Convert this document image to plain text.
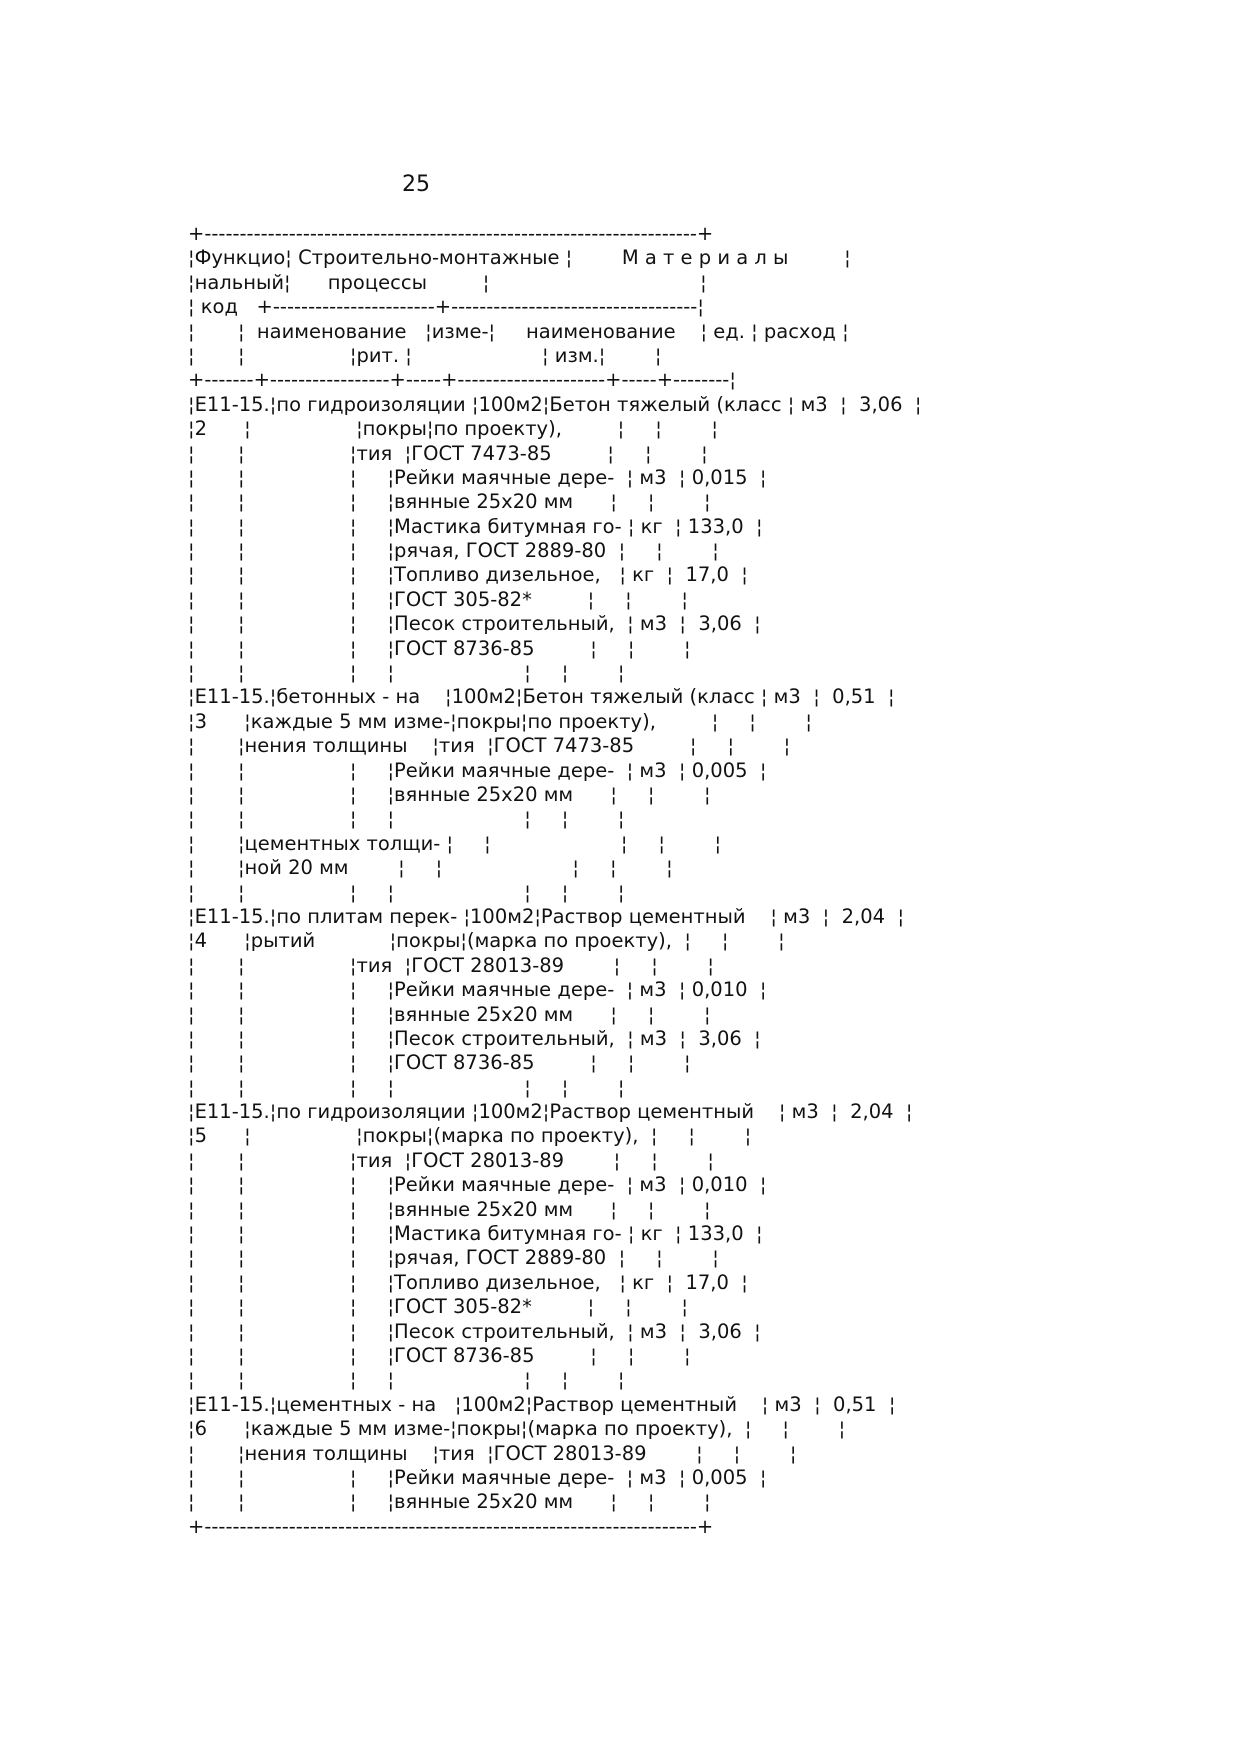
25
+----------------------------------------------------------------------+
¦Функцио¦ Строительно-монтажные ¦        М а т е р и а л ы         ¦
¦нальный¦      процессы         ¦                                  ¦
¦ код   +-----------------------+-----------------------------------¦
¦       ¦  наименование   ¦изме-¦     наименование    ¦ ед. ¦ расход ¦
¦       ¦                 ¦рит. ¦                     ¦ изм.¦        ¦
+-------+-----------------+-----+---------------------+-----+--------¦
¦Е11-15.¦по гидроизоляции ¦100м2¦Бетон тяжелый (класс ¦ м3  ¦  3,06  ¦
¦2      ¦                 ¦покры¦по проекту),         ¦     ¦        ¦
¦       ¦                 ¦тия  ¦ГОСТ 7473-85         ¦     ¦        ¦
¦       ¦                 ¦     ¦Рейки маячные дере-  ¦ м3  ¦ 0,015  ¦
¦       ¦                 ¦     ¦вянные 25х20 мм      ¦     ¦        ¦
¦       ¦                 ¦     ¦Мастика битумная го- ¦ кг  ¦ 133,0  ¦
¦       ¦                 ¦     ¦рячая, ГОСТ 2889-80  ¦     ¦        ¦
¦       ¦                 ¦     ¦Топливо дизельное,   ¦ кг  ¦  17,0  ¦
¦       ¦                 ¦     ¦ГОСТ 305-82*         ¦     ¦        ¦
¦       ¦                 ¦     ¦Песок строительный,  ¦ м3  ¦  3,06  ¦
¦       ¦                 ¦     ¦ГОСТ 8736-85         ¦     ¦        ¦
¦       ¦                 ¦     ¦                     ¦     ¦        ¦
¦Е11-15.¦бетонных - на    ¦100м2¦Бетон тяжелый (класс ¦ м3  ¦  0,51  ¦
¦3      ¦каждые 5 мм изме-¦покры¦по проекту),         ¦     ¦        ¦
¦       ¦нения толщины    ¦тия  ¦ГОСТ 7473-85         ¦     ¦        ¦
¦       ¦                 ¦     ¦Рейки маячные дере-  ¦ м3  ¦ 0,005  ¦
¦       ¦                 ¦     ¦вянные 25х20 мм      ¦     ¦        ¦
¦       ¦                 ¦     ¦                     ¦     ¦        ¦
¦       ¦цементных толщи- ¦     ¦                     ¦     ¦        ¦
¦       ¦ной 20 мм        ¦     ¦                     ¦     ¦        ¦
¦       ¦                 ¦     ¦                     ¦     ¦        ¦
¦Е11-15.¦по плитам перек- ¦100м2¦Раствор цементный    ¦ м3  ¦  2,04  ¦
¦4      ¦рытий            ¦покры¦(марка по проекту),  ¦     ¦        ¦
¦       ¦                 ¦тия  ¦ГОСТ 28013-89        ¦     ¦        ¦
¦       ¦                 ¦     ¦Рейки маячные дере-  ¦ м3  ¦ 0,010  ¦
¦       ¦                 ¦     ¦вянные 25х20 мм      ¦     ¦        ¦
¦       ¦                 ¦     ¦Песок строительный,  ¦ м3  ¦  3,06  ¦
¦       ¦                 ¦     ¦ГОСТ 8736-85         ¦     ¦        ¦
¦       ¦                 ¦     ¦                     ¦     ¦        ¦
¦Е11-15.¦по гидроизоляции ¦100м2¦Раствор цементный    ¦ м3  ¦  2,04  ¦
¦5      ¦                 ¦покры¦(марка по проекту),  ¦     ¦        ¦
¦       ¦                 ¦тия  ¦ГОСТ 28013-89        ¦     ¦        ¦
¦       ¦                 ¦     ¦Рейки маячные дере-  ¦ м3  ¦ 0,010  ¦
¦       ¦                 ¦     ¦вянные 25х20 мм      ¦     ¦        ¦
¦       ¦                 ¦     ¦Мастика битумная го- ¦ кг  ¦ 133,0  ¦
¦       ¦                 ¦     ¦рячая, ГОСТ 2889-80  ¦     ¦        ¦
¦       ¦                 ¦     ¦Топливо дизельное,   ¦ кг  ¦  17,0  ¦
¦       ¦                 ¦     ¦ГОСТ 305-82*         ¦     ¦        ¦
¦       ¦                 ¦     ¦Песок строительный,  ¦ м3  ¦  3,06  ¦
¦       ¦                 ¦     ¦ГОСТ 8736-85         ¦     ¦        ¦
¦       ¦                 ¦     ¦                     ¦     ¦        ¦
¦Е11-15.¦цементных - на   ¦100м2¦Раствор цементный    ¦ м3  ¦  0,51  ¦
¦6      ¦каждые 5 мм изме-¦покры¦(марка по проекту),  ¦     ¦        ¦
¦       ¦нения толщины    ¦тия  ¦ГОСТ 28013-89        ¦     ¦        ¦
¦       ¦                 ¦     ¦Рейки маячные дере-  ¦ м3  ¦ 0,005  ¦
¦       ¦                 ¦     ¦вянные 25х20 мм      ¦     ¦        ¦
+----------------------------------------------------------------------+
